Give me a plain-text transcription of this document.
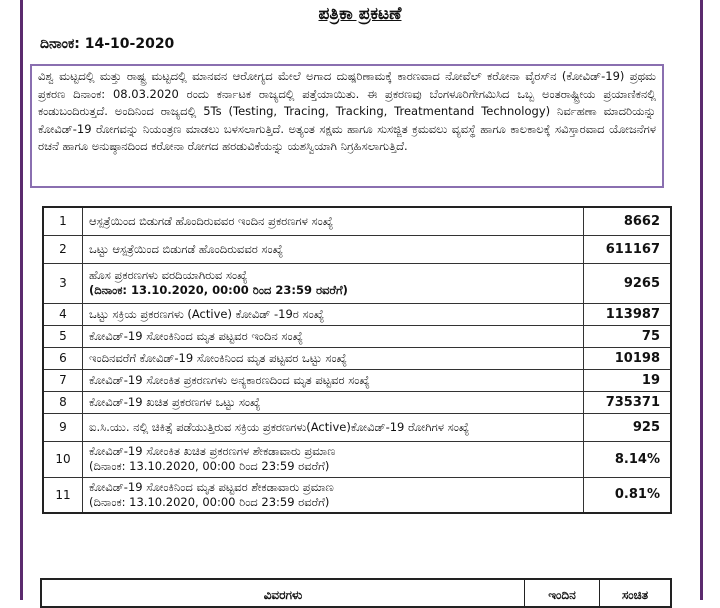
ಪತ್ರಿಕಾ ಪ್ರಕಟಣೆ
ದಿನಾಂಕ: 14-10-2020
ವಿಶ್ವ ಮಟ್ಟದಲ್ಲಿ ಮತ್ತು ರಾಷ್ಟ್ರ ಮಟ್ಟದಲ್ಲಿ ಮಾನವನ ಆರೋಗ್ಯದ ಮೇಲೆ ಅಗಾದ ದುಷ್ಪರಿಣಾಮಕ್ಕೆ ಕಾರಣವಾದ ನೋವೆಲ್ ಕರೋನಾ ವೈರಸ್‌ನ (ಕೋವಿಡ್-19) ಪ್ರಥಮ ಪ್ರಕರಣ ದಿನಾಂಕ: 08.03.2020 ರಂದು ಕರ್ನಾಟಕ ರಾಜ್ಯದಲ್ಲಿ ಪತ್ತೆಯಾಯಿತು. ಈ ಪ್ರಕರಣವು ಬೆಂಗಳೂರಿಗೇಗಮಿಸಿದ ಒಬ್ಬ ಅಂತರಾಷ್ಟ್ರೀಯ ಪ್ರಯಾಣಿಕನಲ್ಲಿ ಕಂಡುಬಂದಿರುತ್ತದೆ. ಅಂದಿನಿಂದ ರಾಜ್ಯದಲ್ಲಿ 5Ts (Testing, Tracing, Tracking, Treatmentand Technology) ನಿರ್ವಹಣಾ ಮಾದರಿಯನ್ನು ಕೋವಿಡ್-19 ರೋಗವನ್ನು ನಿಯಂತ್ರಣ ಮಾಡಲು ಬಳಸಲಾಗುತ್ತಿದೆ. ಅತ್ಯಂತ ಸಕ್ಷಮ ಹಾಗೂ ಸುಸಜ್ಜಿತ ಕ್ರಮವಲು ವ್ಯವಸ್ಥೆ ಹಾಗೂ ಕಾಲಕಾಲಕ್ಕೆ ಸವಿಸ್ತಾರವಾದ ಯೋಜನೆಗಳ ರಚನೆ ಹಾಗೂ ಅನುಷ್ಠಾನದಿಂದ ಕರೋನಾ ರೋಗದ ಹರಡುವಿಕೆಯನ್ನು ಯಶಸ್ವಿಯಾಗಿ ನಿಗ್ರಹಿಸಲಾಗುತ್ತಿದೆ.
1	ಆಸ್ಪತ್ರೆಯಿಂದ ಬಿಡುಗಡೆ ಹೊಂದಿರುವವರ ಇಂದಿನ ಪ್ರಕರಣಗಳ ಸಂಖ್ಯೆ	8662
2	ಒಟ್ಟು ಆಸ್ಪತ್ರೆಯಿಂದ ಬಿಡುಗಡೆ ಹೊಂದಿರುವವರ ಸಂಖ್ಯೆ	611167
3	ಹೊಸ ಪ್ರಕರಣಗಳು ವರದಿಯಾಗಿರುವ ಸಂಖ್ಯೆ
(ದಿನಾಂಕ: 13.10.2020, 00:00 ರಿಂದ 23:59 ರವರೆಗೆ)	9265
4	ಒಟ್ಟು ಸಕ್ರಿಯ ಪ್ರಕರಣಗಳು (Active) ಕೋವಿಡ್ -19ರ ಸಂಖ್ಯೆ	113987
5	ಕೋವಿಡ್-19 ಸೋಂಕಿನಿಂದ ಮೃತ ಪಟ್ಟವರ ಇಂದಿನ ಸಂಖ್ಯೆ	75
6	ಇಂದಿನವರೆಗೆ ಕೋವಿಡ್-19 ಸೋಂಕಿನಿಂದ ಮೃತ ಪಟ್ಟವರ ಒಟ್ಟು ಸಂಖ್ಯೆ	10198
7	ಕೋವಿಡ್-19 ಸೋಂಕಿತ ಪ್ರಕರಣಗಳು ಅನ್ಯಕಾರಣದಿಂದ ಮೃತ ಪಟ್ಟವರ ಸಂಖ್ಯೆ	19
8	ಕೋವಿಡ್-19 ಖಚಿತ ಪ್ರಕರಣಗಳ ಒಟ್ಟು ಸಂಖ್ಯೆ	735371
9	ಐ.ಸಿ.ಯು. ನಲ್ಲಿ ಚಿಕಿತ್ಸೆ ಪಡೆಯುತ್ತಿರುವ ಸಕ್ರಿಯ ಪ್ರಕರಣಗಳು(Active)ಕೋವಿಡ್-19 ರೋಗಿಗಳ ಸಂಖ್ಯೆ	925
10	ಕೋವಿಡ್-19 ಸೋಂಕಿತ ಖಚಿತ ಪ್ರಕರಣಗಳ ಶೇಕಡಾವಾರು ಪ್ರಮಾಣ
(ದಿನಾಂಕ: 13.10.2020, 00:00 ರಿಂದ 23:59 ರವರೆಗೆ)	8.14%
11	ಕೋವಿಡ್-19 ಸೋಂಕಿನಿಂದ ಮೃತ ಪಟ್ಟವರ ಶೇಕಡಾವಾರು ಪ್ರಮಾಣ
(ದಿನಾಂಕ: 13.10.2020, 00:00 ರಿಂದ 23:59 ರವರೆಗೆ)	0.81%
ವಿವರಗಳು	ಇಂದಿನ	ಸಂಚಿತ
